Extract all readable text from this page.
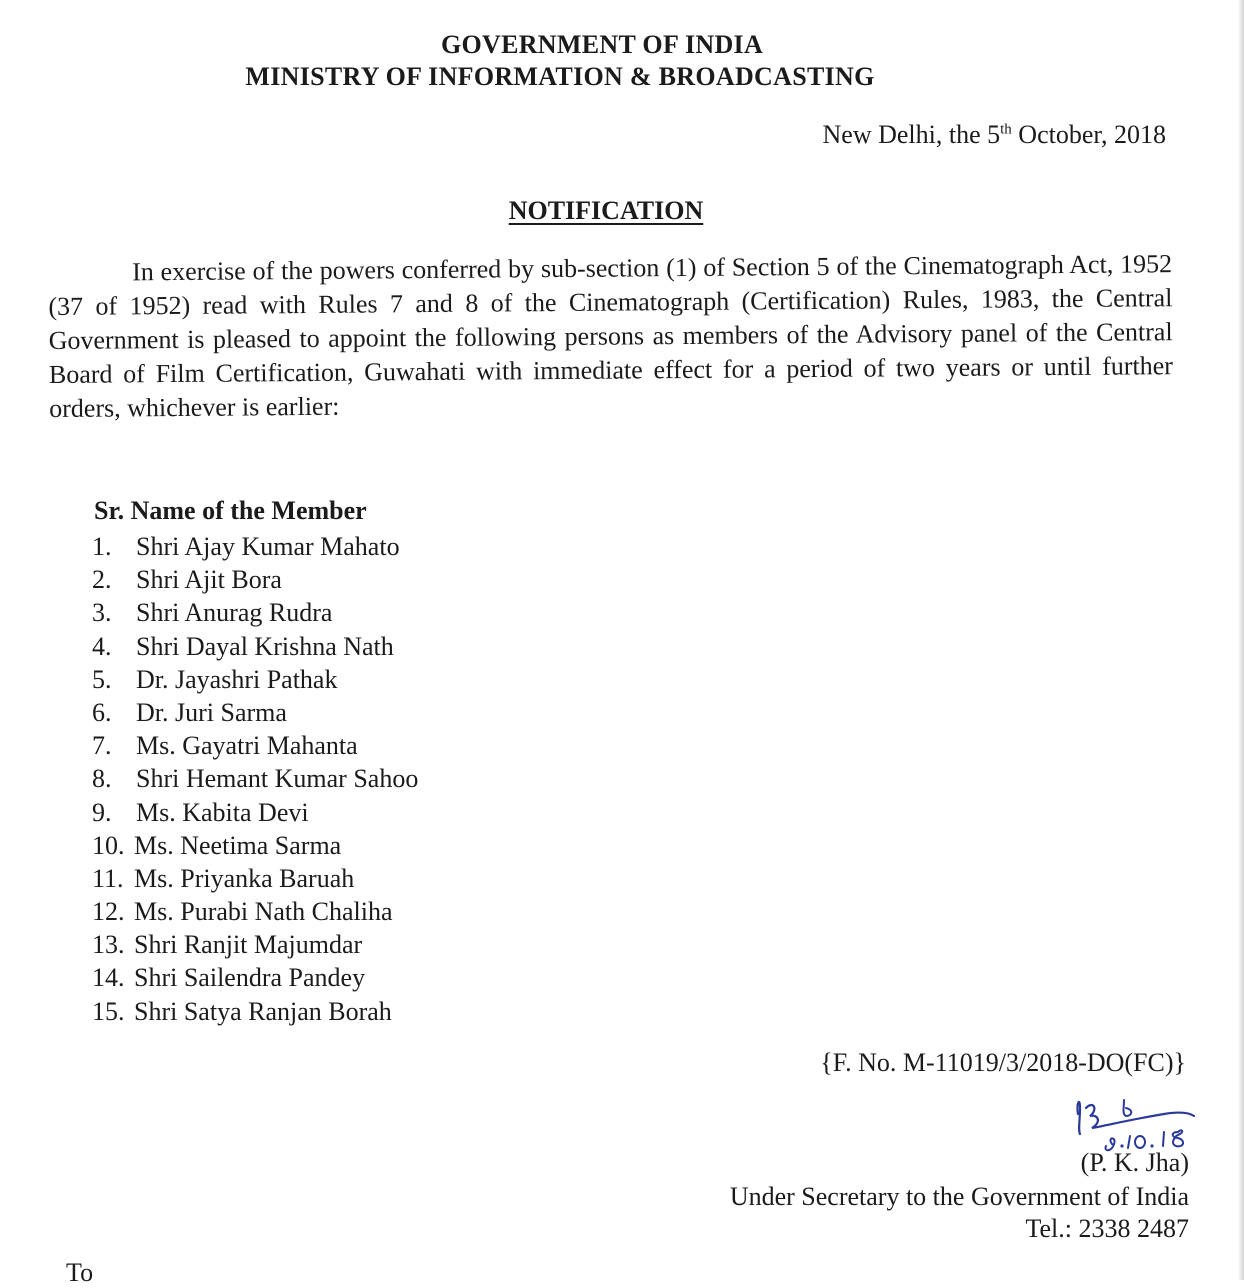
GOVERNMENT OF INDIA
MINISTRY OF INFORMATION & BROADCASTING
New Delhi, the 5th October, 2018
NOTIFICATION
In exercise of the powers conferred by sub-section (1) of Section 5 of the Cinematograph Act, 1952 (37 of 1952) read with Rules 7 and 8 of the Cinematograph (Certification) Rules, 1983, the Central Government is pleased to appoint the following persons as members of the Advisory panel of the Central Board of Film Certification, Guwahati with immediate effect for a period of two years or until further orders, whichever is earlier:
Sr. Name of the Member
1. Shri Ajay Kumar Mahato
2. Shri Ajit Bora
3. Shri Anurag Rudra
4. Shri Dayal Krishna Nath
5. Dr. Jayashri Pathak
6. Dr. Juri Sarma
7. Ms. Gayatri Mahanta
8. Shri Hemant Kumar Sahoo
9. Ms. Kabita Devi
10. Ms. Neetima Sarma
11. Ms. Priyanka Baruah
12. Ms. Purabi Nath Chaliha
13. Shri Ranjit Majumdar
14. Shri Sailendra Pandey
15. Shri Satya Ranjan Borah
{F. No. M-11019/3/2018-DO(FC)}
(P. K. Jha)
Under Secretary to the Government of India
Tel.: 2338 2487
To
